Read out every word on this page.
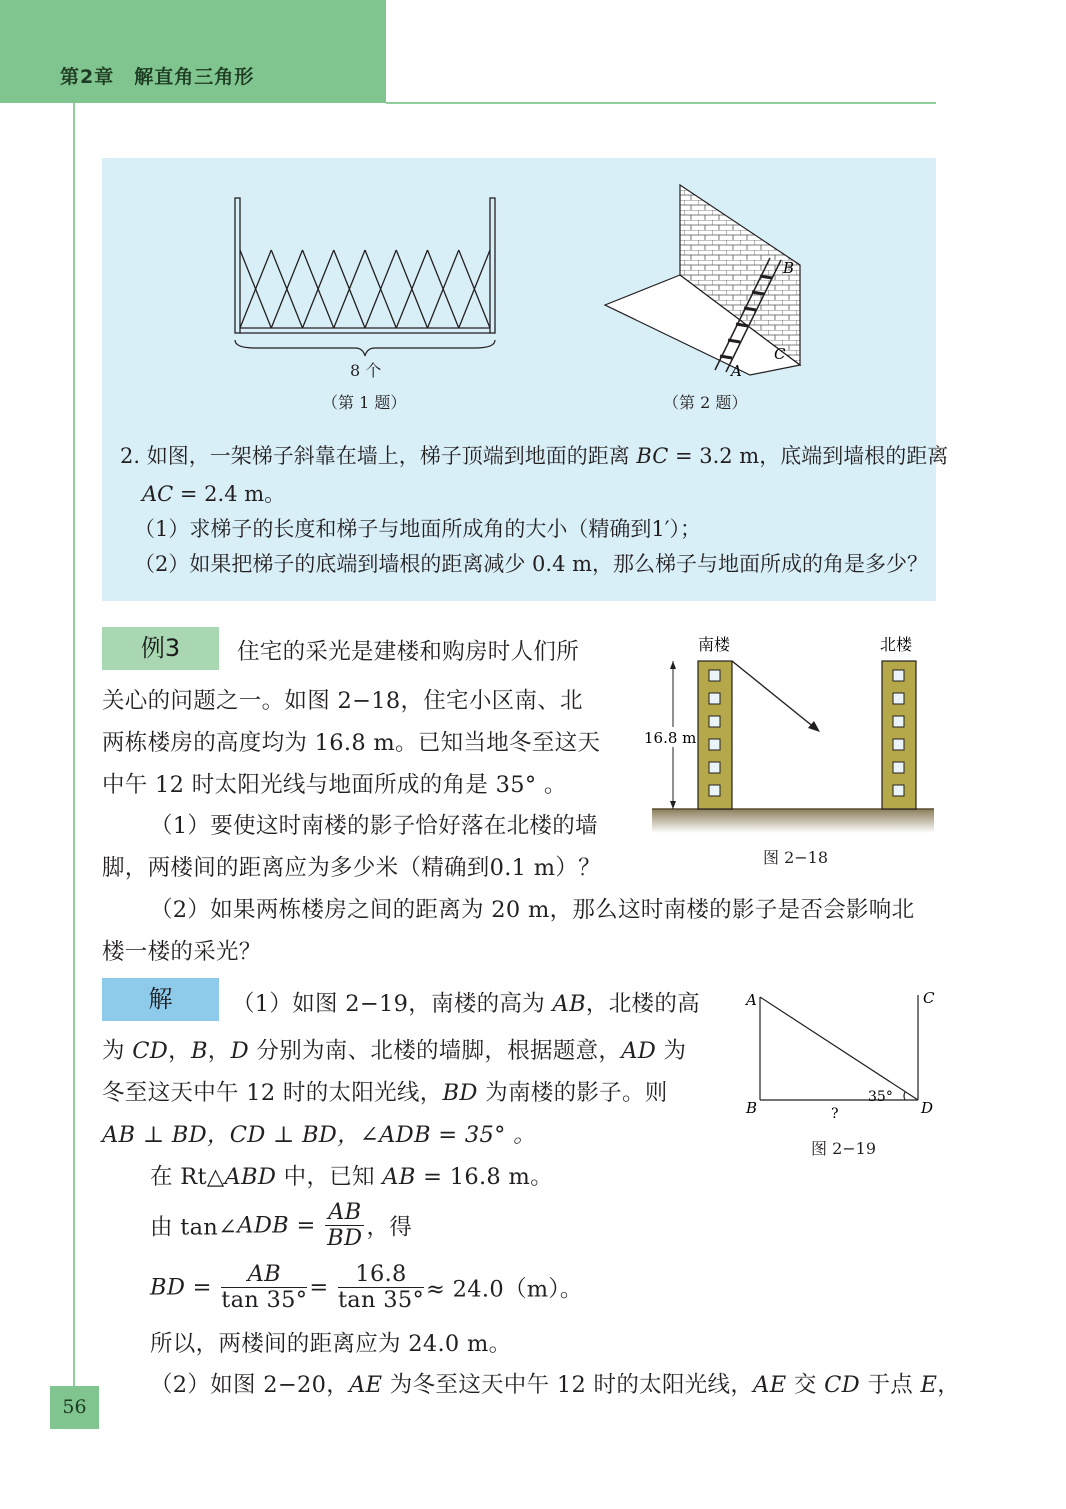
第2章　解直角三角形
8 个
（第 1 题）
B
C
A
（第 2 题）
2. 如图，一架梯子斜靠在墙上，梯子顶端到地面的距离 BC = 3.2 m，底端到墙根的距离
AC = 2.4 m。
（1）求梯子的长度和梯子与地面所成角的大小（精确到1′）；
（2）如果把梯子的底端到墙根的距离减少 0.4 m，那么梯子与地面所成的角是多少？
例3	住宅的采光是建楼和购房时人们所
关心的问题之一。如图 2−18，住宅小区南、北
两栋楼房的高度均为 16.8 m。已知当地冬至这天
中午 12 时太阳光线与地面所成的角是 35° 。
（1）要使这时南楼的影子恰好落在北楼的墙
脚，两楼间的距离应为多少米（精确到0.1 m）？
（2）如果两栋楼房之间的距离为 20 m，那么这时南楼的影子是否会影响北
楼一楼的采光？
南楼	北楼
16.8 m
图 2−18
解	（1）如图 2−19，南楼的高为 AB，北楼的高
为 CD，B，D 分别为南、北楼的墙脚，根据题意，AD 为
冬至这天中午 12 时的太阳光线，BD 为南楼的影子。则
AB ⊥ BD，CD ⊥ BD，∠ADB = 35° 。
在 Rt△ABD 中，已知 AB = 16.8 m。
由 tan∠ADB = $\frac{AB}{BD}$ ，得
BD = $\frac{AB}{\tan 35^\circ} = \frac{16.8}{\tan 35^\circ} \approx 24.0(m)$。
所以，两楼间的距离应为 24.0 m。
（2）如图 2−20，AE 为冬至这天中午 12 时的太阳光线，AE 交 CD 于点 E，
A	C
B	D
35°
?
图 2−19
56
